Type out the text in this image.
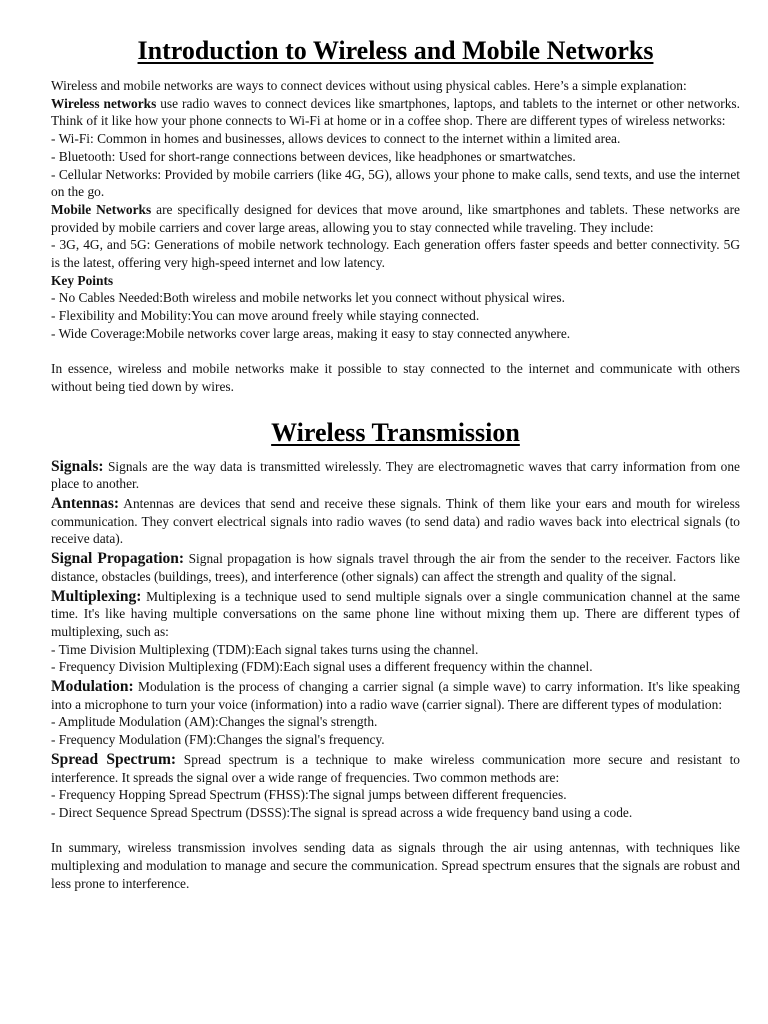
Introduction to Wireless and Mobile Networks

Wireless and mobile networks are ways to connect devices without using physical cables. Here’s a simple explanation:

Wireless networks use radio waves to connect devices like smartphones, laptops, and tablets to the internet or other networks. Think of it like how your phone connects to Wi-Fi at home or in a coffee shop. There are different types of wireless networks:

- Wi-Fi: Common in homes and businesses, allows devices to connect to the internet within a limited area.

- Bluetooth: Used for short-range connections between devices, like headphones or smartwatches.

- Cellular Networks: Provided by mobile carriers (like 4G, 5G), allows your phone to make calls, send texts, and use the internet on the go.

Mobile Networks are specifically designed for devices that move around, like smartphones and tablets. These networks are provided by mobile carriers and cover large areas, allowing you to stay connected while traveling. They include:

- 3G, 4G, and 5G: Generations of mobile network technology. Each generation offers faster speeds and better connectivity. 5G is the latest, offering very high-speed internet and low latency.

Key Points

- No Cables Needed:Both wireless and mobile networks let you connect without physical wires.

- Flexibility and Mobility:You can move around freely while staying connected.

- Wide Coverage:Mobile networks cover large areas, making it easy to stay connected anywhere.

In essence, wireless and mobile networks make it possible to stay connected to the internet and communicate with others without being tied down by wires.

Wireless Transmission

Signals: Signals are the way data is transmitted wirelessly. They are electromagnetic waves that carry information from one place to another.

Antennas: Antennas are devices that send and receive these signals. Think of them like your ears and mouth for wireless communication. They convert electrical signals into radio waves (to send data) and radio waves back into electrical signals (to receive data).

Signal Propagation: Signal propagation is how signals travel through the air from the sender to the receiver. Factors like distance, obstacles (buildings, trees), and interference (other signals) can affect the strength and quality of the signal.

Multiplexing: Multiplexing is a technique used to send multiple signals over a single communication channel at the same time. It's like having multiple conversations on the same phone line without mixing them up. There are different types of multiplexing, such as:

- Time Division Multiplexing (TDM):Each signal takes turns using the channel.

- Frequency Division Multiplexing (FDM):Each signal uses a different frequency within the channel.

Modulation: Modulation is the process of changing a carrier signal (a simple wave) to carry information. It's like speaking into a microphone to turn your voice (information) into a radio wave (carrier signal). There are different types of modulation:

- Amplitude Modulation (AM):Changes the signal's strength.

- Frequency Modulation (FM):Changes the signal's frequency.

Spread Spectrum: Spread spectrum is a technique to make wireless communication more secure and resistant to interference. It spreads the signal over a wide range of frequencies. Two common methods are:

- Frequency Hopping Spread Spectrum (FHSS):The signal jumps between different frequencies.

- Direct Sequence Spread Spectrum (DSSS):The signal is spread across a wide frequency band using a code.

In summary, wireless transmission involves sending data as signals through the air using antennas, with techniques like multiplexing and modulation to manage and secure the communication. Spread spectrum ensures that the signals are robust and less prone to interference.
